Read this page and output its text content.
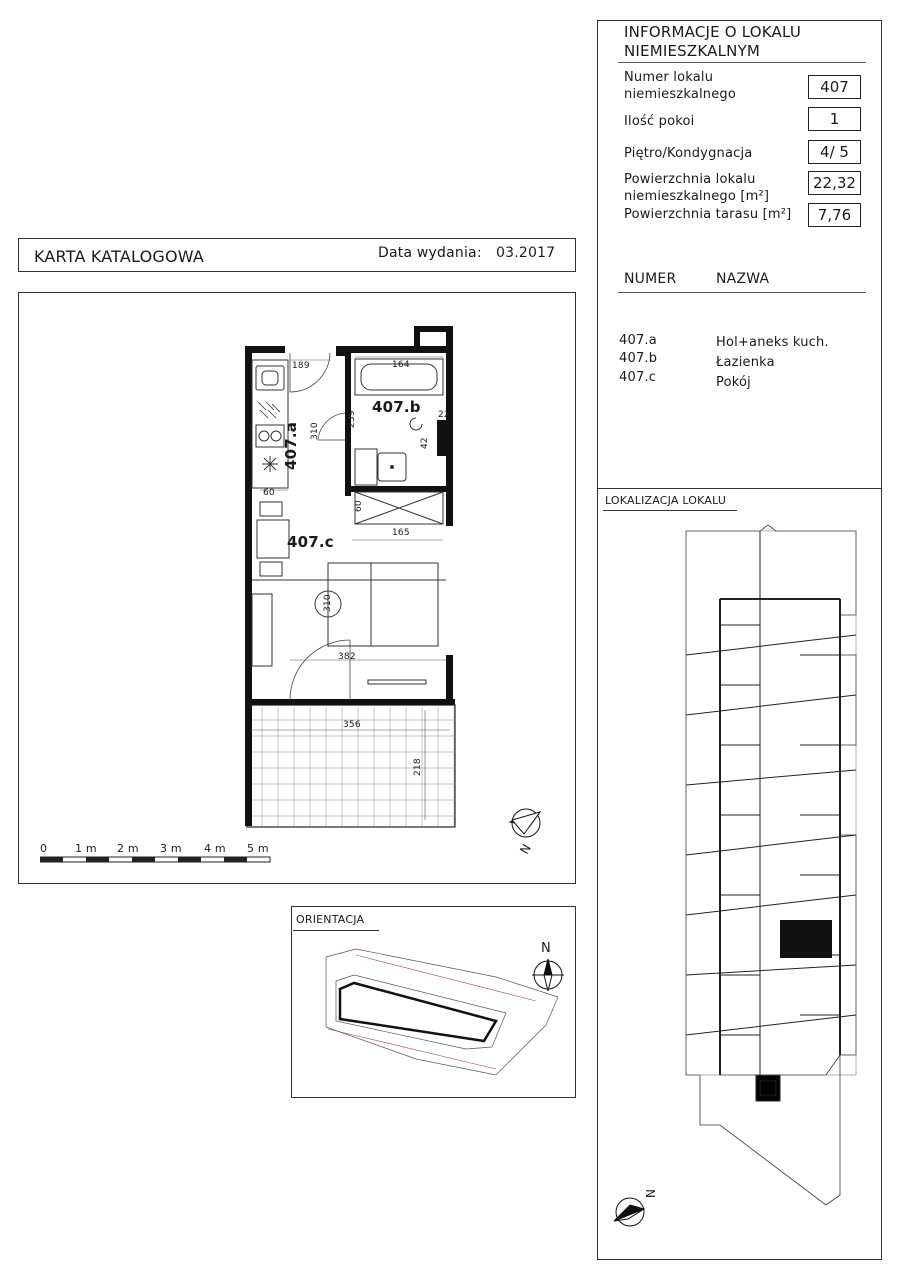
INFORMACJE O LOKALU
NIEMIESZKALNYM
Numer lokalu
niemieszkalnego	407
Ilość pokoi	1
Piętro/Kondygnacja	4/ 5
Powierzchnia lokalu
niemieszkalnego [m²]
22,32
Powierzchnia tarasu [m²]	7,76
NUMER	NAZWA
407.a	Hol+aneks kuch.
407.b	Łazienka
407.c	Pokój
LOKALIZACJA LOKALU
KARTA KATALOGOWA	Data wydania: 03.2017
407.b
407.a
407.c
189	164
310
239	22
42
60
60
165
310
382
356
218
N
0	1 m 2 m 3 m 4 m 5 m
ORIENTACJA
N
N
